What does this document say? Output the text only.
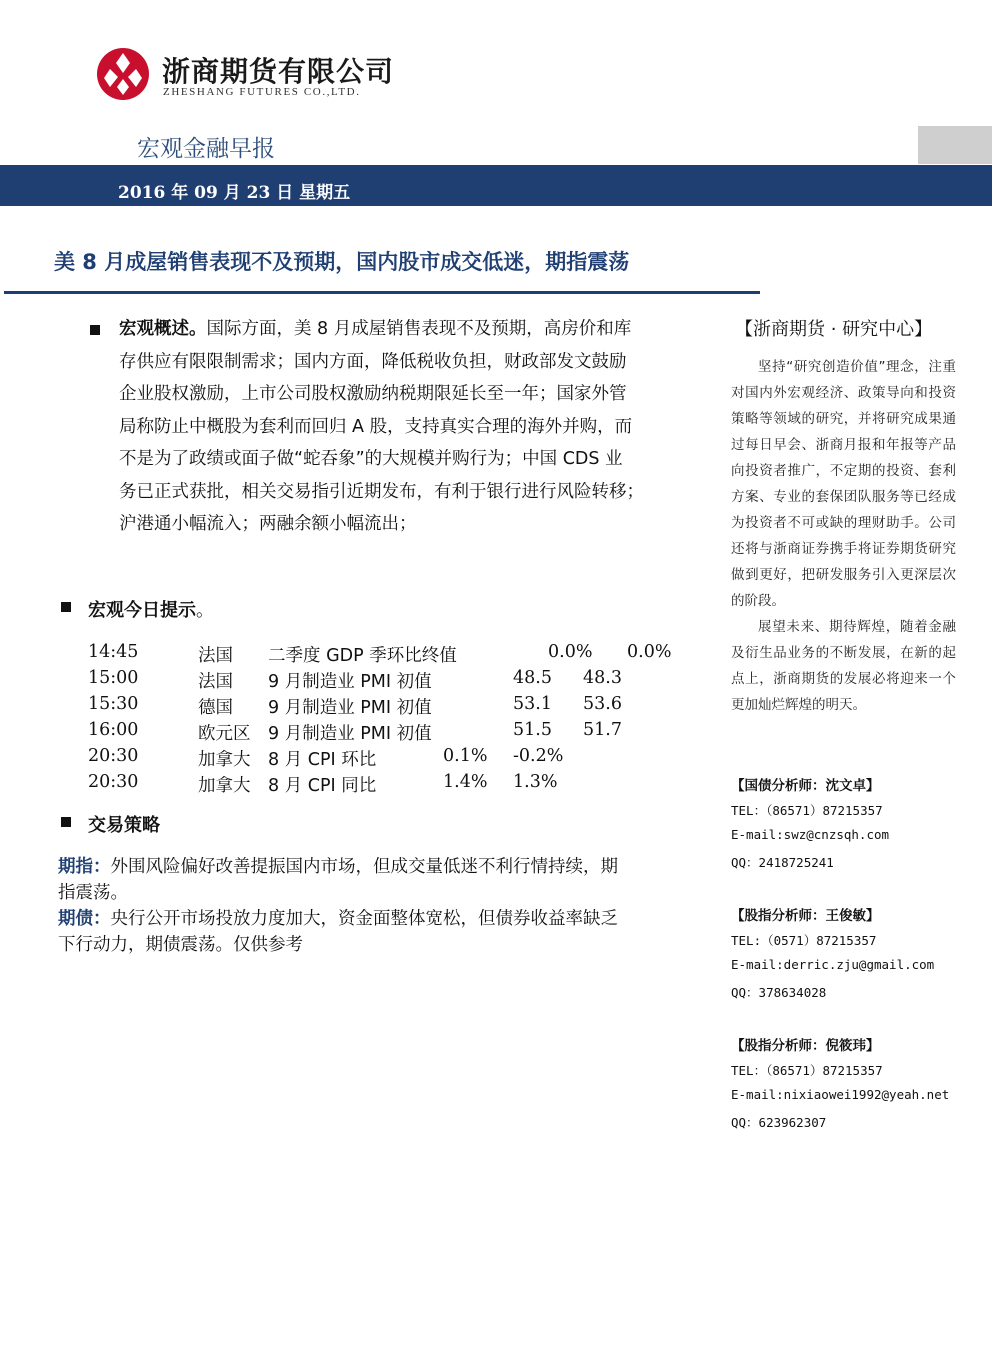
浙商期货有限公司
ZHESHANG FUTURES CO.,LTD.
宏观金融早报
2016 年 09 月 23 日 星期五
美 8 月成屋销售表现不及预期，国内股市成交低迷，期指震荡
宏观概述。国际方面，美 8 月成屋销售表现不及预期，高房价和库
存供应有限限制需求；国内方面，降低税收负担，财政部发文鼓励
企业股权激励，上市公司股权激励纳税期限延长至一年；国家外管
局称防止中概股为套利而回归 A 股，支持真实合理的海外并购，而
不是为了政绩或面子做“蛇吞象”的大规模并购行为；中国 CDS 业
务已正式获批，相关交易指引近期发布，有利于银行进行风险转移；
沪港通小幅流入；两融余额小幅流出；
宏观今日提示。
14:45	法国 二季度 GDP 季环比终值	0.0% 0.0%
15:00	法国 9 月制造业 PMI 初值	48.5 48.3
15:30	德国 9 月制造业 PMI 初值	53.1 53.6
16:00	欧元区 9 月制造业 PMI 初值	51.5 51.7
20:30	加拿大 8 月 CPI 环比	0.1% -0.2%
20:30	加拿大 8 月 CPI 同比	1.4% 1.3%
交易策略
期指：外围风险偏好改善提振国内市场，但成交量低迷不利行情持续，期
指震荡。
期债：央行公开市场投放力度加大，资金面整体宽松，但债券收益率缺乏
下行动力，期债震荡。仅供参考
【浙商期货 · 研究中心】
坚持“研究创造价值”理念，注重对国内外宏观经济、政策导向和投资策略等领域的研究，并将研究成果通过每日早会、浙商月报和年报等产品向投资者推广，不定期的投资、套利方案、专业的套保团队服务等已经成为投资者不可或缺的理财助手。公司还将与浙商证券携手将证券期货研究做到更好，把研发服务引入更深层次的阶段。
展望未来、期待辉煌，随着金融及衍生品业务的不断发展，在新的起点上，浙商期货的发展必将迎来一个更加灿烂辉煌的明天。
【国债分析师：沈文卓】
TEL：（86571）87215357
E-mail:swz@cnzsqh.com
QQ：2418725241
【股指分析师：王俊敏】
TEL:（0571）87215357
E-mail:derric.zju@gmail.com
QQ：378634028
【股指分析师：倪筱玮】
TEL：（86571）87215357
E-mail:nixiaowei1992@yeah.net
QQ：623962307
